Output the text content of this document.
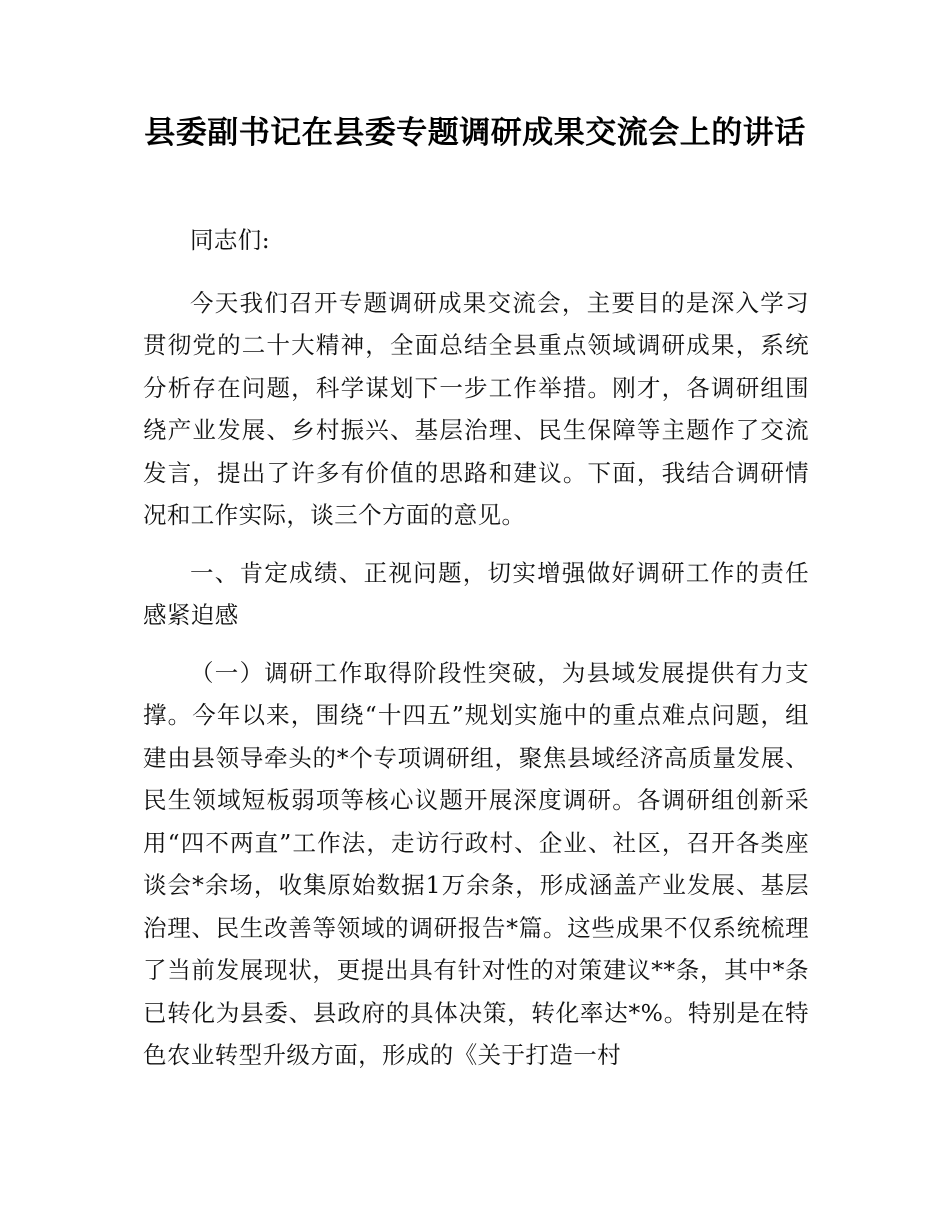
县委副书记在县委专题调研成果交流会上的讲话

同志们:

今天我们召开专题调研成果交流会，主要目的是深入学习贯彻党的二十大精神，全面总结全县重点领域调研成果，系统分析存在问题，科学谋划下一步工作举措。刚才，各调研组围绕产业发展、乡村振兴、基层治理、民生保障等主题作了交流发言，提出了许多有价值的思路和建议。下面，我结合调研情况和工作实际，谈三个方面的意见。

一、肯定成绩、正视问题，切实增强做好调研工作的责任感紧迫感

（一）调研工作取得阶段性突破，为县域发展提供有力支撑。今年以来，围绕“十四五”规划实施中的重点难点问题，组建由县领导牵头的*个专项调研组，聚焦县域经济高质量发展、民生领域短板弱项等核心议题开展深度调研。各调研组创新采用“四不两直”工作法，走访行政村、企业、社区，召开各类座谈会*余场，收集原始数据1万余条，形成涵盖产业发展、基层治理、民生改善等领域的调研报告*篇。这些成果不仅系统梳理了当前发展现状，更提出具有针对性的对策建议**条，其中*条已转化为县委、县政府的具体决策，转化率达*%。特别是在特色农业转型升级方面，形成的《关于打造一村
